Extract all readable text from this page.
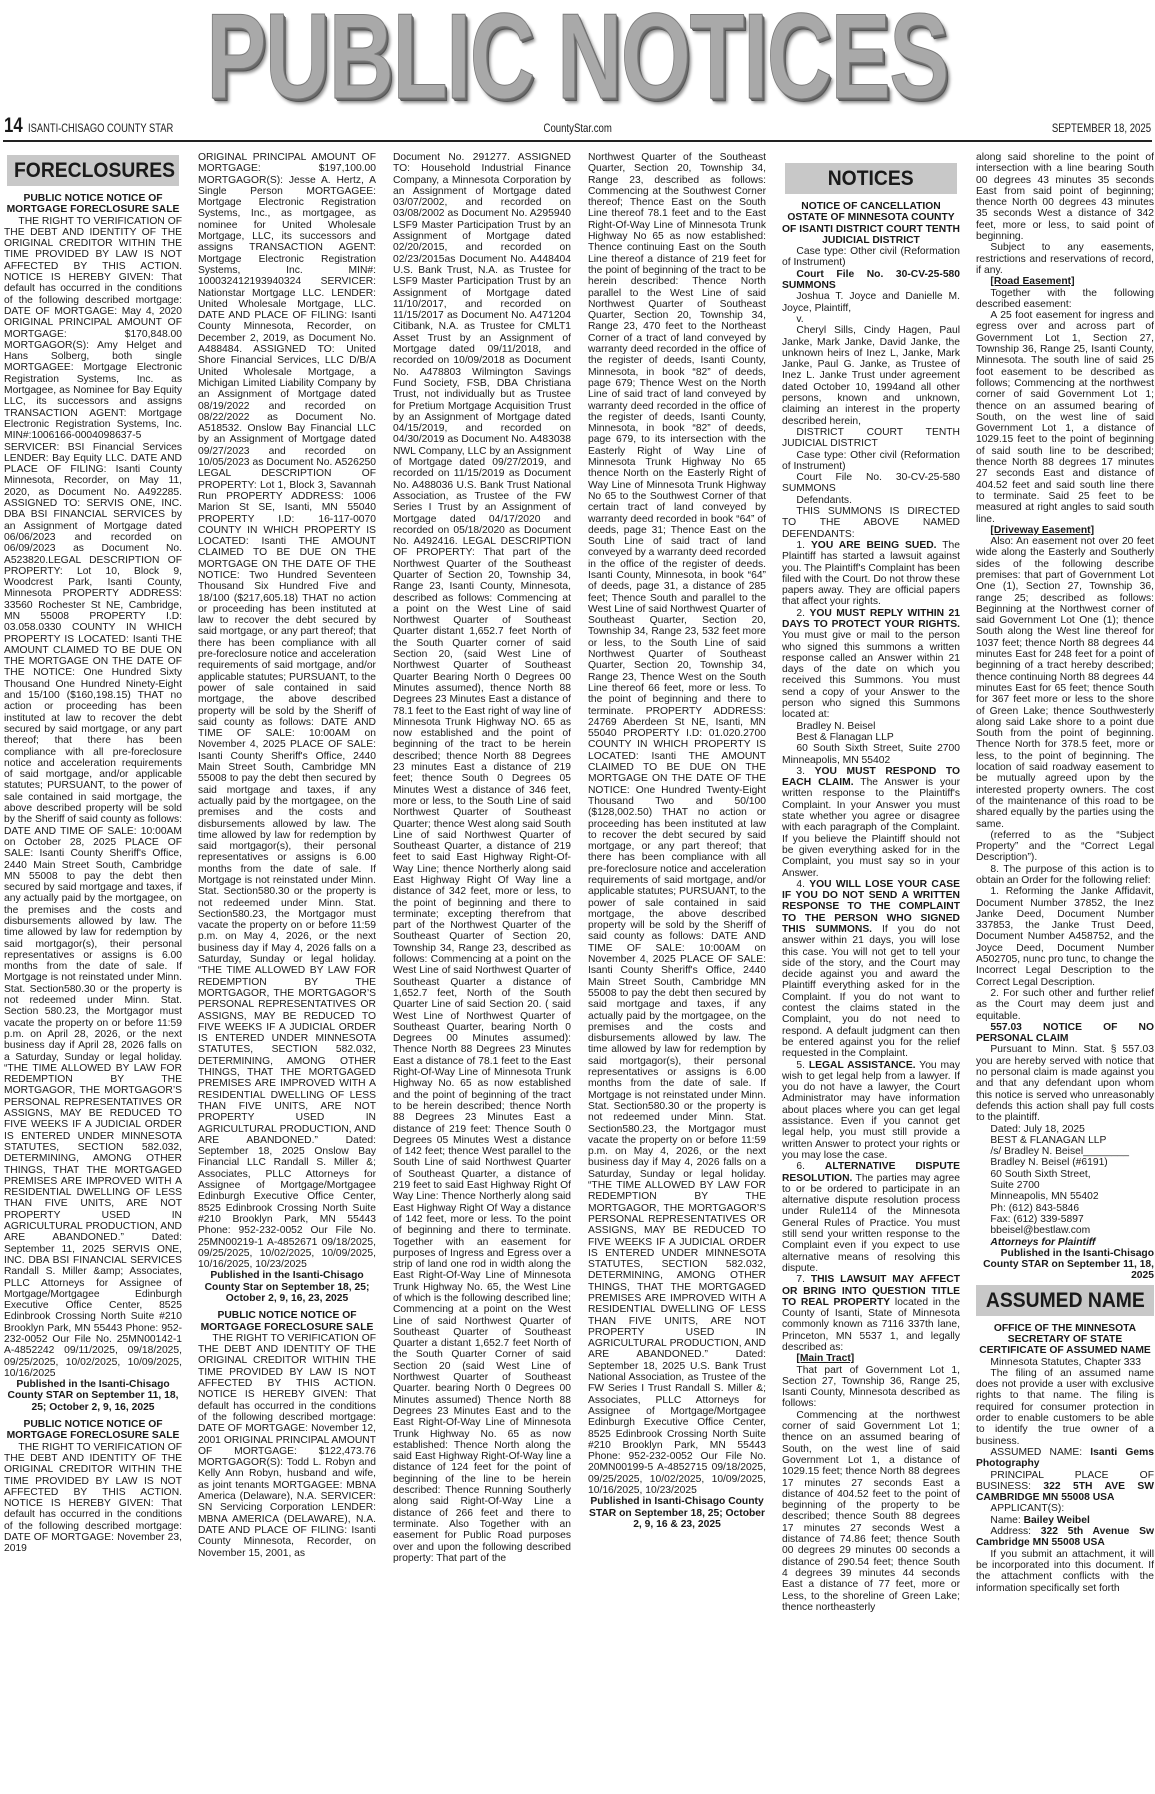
PUBLIC NOTICES
14 ISANTI-CHISAGO COUNTY STAR	CountyStar.com	SEPTEMBER 18, 2025
FORECLOSURES

PUBLIC NOTICE NOTICE OF MORTGAGE FORECLOSURE SALE

THE RIGHT TO VERIFICATION OF THE DEBT AND IDENTITY OF THE ORIGINAL CREDITOR WITHIN THE TIME PROVIDED BY LAW IS NOT AFFECTED BY THIS ACTION. NOTICE IS HEREBY GIVEN: That default has occurred in the conditions of the following described mortgage: DATE OF MORTGAGE: May 4, 2020 ORIGINAL PRINCIPAL AMOUNT OF MORTGAGE: $170,848.00 MORTGAGOR(S): Amy Helget and Hans Solberg, both single MORTGAGEE: Mortgage Electronic Registration Systems, Inc. as Mortgagee, as Nominee for Bay Equity LLC, its successors and assigns TRANSACTION AGENT: Mortgage Electronic Registration Systems, Inc. MIN#:1006166-0004098637-5 SERVICER: BSI Financial Services LENDER: Bay Equity LLC. DATE AND PLACE OF FILING: Isanti County Minnesota, Recorder, on May 11, 2020, as Document No. A492285. ASSIGNED TO: SERVIS ONE, INC. DBA BSI FINANCIAL SERVICES by an Assignment of Mortgage dated 06/06/2023 and recorded on 06/09/2023 as Document No. A523820.LEGAL DESCRIPTION OF PROPERTY: Lot 10, Block 9, Woodcrest Park, Isanti County, Minnesota PROPERTY ADDRESS: 33560 Rochester St NE, Cambridge, MN 55008 PROPERTY I.D: 03.058.0330 COUNTY IN WHICH PROPERTY IS LOCATED: Isanti THE AMOUNT CLAIMED TO BE DUE ON THE MORTGAGE ON THE DATE OF THE NOTICE: One Hundred Sixty Thousand One Hundred Ninety-Eight and 15/100 ($160,198.15) THAT no action or proceeding has been instituted at law to recover the debt secured by said mortgage, or any part thereof; that there has been compliance with all pre-foreclosure notice and acceleration requirements of said mortgage, and/or applicable statutes; PURSUANT, to the power of sale contained in said mortgage, the above described property will be sold by the Sheriff of said county as follows: DATE AND TIME OF SALE: 10:00AM on October 28, 2025 PLACE OF SALE: Isanti County Sheriff's Office, 2440 Main Street South, Cambridge MN 55008 to pay the debt then secured by said mortgage and taxes, if any actually paid by the mortgagee, on the premises and the costs and disbursements allowed by law. The time allowed by law for redemption by said mortgagor(s), their personal representatives or assigns is 6.00 months from the date of sale. If Mortgage is not reinstated under Minn. Stat. Section580.30 or the property is not redeemed under Minn. Stat. Section 580.23, the Mortgagor must vacate the property on or before 11:59 p.m. on April 28, 2026, or the next business day if April 28, 2026 falls on a Saturday, Sunday or legal holiday. “THE TIME ALLOWED BY LAW FOR REDEMPTION BY THE MORTGAGOR, THE MORTGAGOR’S PERSONAL REPRESENTATIVES OR ASSIGNS, MAY BE REDUCED TO FIVE WEEKS IF A JUDICIAL ORDER IS ENTERED UNDER MINNESOTA STATUTES, SECTION 582.032, DETERMINING, AMONG OTHER THINGS, THAT THE MORTGAGED PREMISES ARE IMPROVED WITH A RESIDENTIAL DWELLING OF LESS THAN FIVE UNITS, ARE NOT PROPERTY USED IN AGRICULTURAL PRODUCTION, AND ARE ABANDONED.” Dated: September 11, 2025 SERVIS ONE, INC. DBA BSI FINANCIAL SERVICES Randall S. Miller &amp; Associates, PLLC Attorneys for Assignee of Mortgage/Mortgagee Edinburgh Executive Office Center, 8525 Edinbrook Crossing North Suite #210 Brooklyn Park, MN 55443 Phone: 952-232-0052 Our File No. 25MN00142-1 A-4852242 09/11/2025, 09/18/2025, 09/25/2025, 10/02/2025, 10/09/2025, 10/16/2025

Published in the Isanti-Chisago County STAR on September 11, 18, 25; October 2, 9, 16, 2025

PUBLIC NOTICE NOTICE OF MORTGAGE FORECLOSURE SALE

THE RIGHT TO VERIFICATION OF THE DEBT AND IDENTITY OF THE ORIGINAL CREDITOR WITHIN THE TIME PROVIDED BY LAW IS NOT AFFECTED BY THIS ACTION. NOTICE IS HEREBY GIVEN: That default has occurred in the conditions of the following described mortgage: DATE OF MORTGAGE: November 23, 2019

ORIGINAL PRINCIPAL AMOUNT OF MORTGAGE: $197,100.00 MORTGAGOR(S): Jesse A. Hertz, A Single Person MORTGAGEE: Mortgage Electronic Registration Systems, Inc., as mortgagee, as nominee for United Wholesale Mortgage, LLC, its successors and assigns TRANSACTION AGENT: Mortgage Electronic Registration Systems, Inc. MIN#: 100032412193940324 SERVICER: Nationstar Mortgage LLC. LENDER: United Wholesale Mortgage, LLC. DATE AND PLACE OF FILING: Isanti County Minnesota, Recorder, on December 2, 2019, as Document No. A488484. ASSIGNED TO: United Shore Financial Services, LLC D/B/A United Wholesale Mortgage, a Michigan Limited Liability Company by an Assignment of Mortgage dated 08/19/2022 and recorded on 08/22/2022 as Document No. A518532. Onslow Bay Financial LLC by an Assignment of Mortgage dated 09/27/2023 and recorded on 10/05/2023 as Document No. A526250 LEGAL DESCRIPTION OF PROPERTY: Lot 1, Block 3, Savannah Run PROPERTY ADDRESS: 1006 Marion St SE, Isanti, MN 55040 PROPERTY I.D: 16-117-0070 COUNTY IN WHICH PROPERTY IS LOCATED: Isanti THE AMOUNT CLAIMED TO BE DUE ON THE MORTGAGE ON THE DATE OF THE NOTICE: Two Hundred Seventeen Thousand Six Hundred Five and 18/100 ($217,605.18) THAT no action or proceeding has been instituted at law to recover the debt secured by said mortgage, or any part thereof; that there has been compliance with all pre-foreclosure notice and acceleration requirements of said mortgage, and/or applicable statutes; PURSUANT, to the power of sale contained in said mortgage, the above described property will be sold by the Sheriff of said county as follows: DATE AND TIME OF SALE: 10:00AM on November 4, 2025 PLACE OF SALE: Isanti County Sheriff's Office, 2440 Main Street South, Cambridge MN 55008 to pay the debt then secured by said mortgage and taxes, if any actually paid by the mortgagee, on the premises and the costs and disbursements allowed by law. The time allowed by law for redemption by said mortgagor(s), their personal representatives or assigns is 6.00 months from the date of sale. If Mortgage is not reinstated under Minn. Stat. Section580.30 or the property is not redeemed under Minn. Stat. Section580.23, the Mortgagor must vacate the property on or before 11:59 p.m. on May 4, 2026, or the next business day if May 4, 2026 falls on a Saturday, Sunday or legal holiday. “THE TIME ALLOWED BY LAW FOR REDEMPTION BY THE MORTGAGOR, THE MORTGAGOR’S PERSONAL REPRESENTATIVES OR ASSIGNS, MAY BE REDUCED TO FIVE WEEKS IF A JUDICIAL ORDER IS ENTERED UNDER MINNESOTA STATUTES, SECTION 582.032, DETERMINING, AMONG OTHER THINGS, THAT THE MORTGAGED PREMISES ARE IMPROVED WITH A RESIDENTIAL DWELLING OF LESS THAN FIVE UNITS, ARE NOT PROPERTY USED IN AGRICULTURAL PRODUCTION, AND ARE ABANDONED.” Dated: September 18, 2025 Onslow Bay Financial LLC Randall S. Miller &; Associates, PLLC Attorneys for Assignee of Mortgage/Mortgagee Edinburgh Executive Office Center, 8525 Edinbrook Crossing North Suite #210 Brooklyn Park, MN 55443 Phone: 952-232-0052 Our File No. 25MN00219-1 A-4852671 09/18/2025, 09/25/2025, 10/02/2025, 10/09/2025, 10/16/2025, 10/23/2025

Published in the Isanti-Chisago County Star on September 18, 25; October 2, 9, 16, 23, 2025

PUBLIC NOTICE NOTICE OF MORTGAGE FORECLOSURE SALE

THE RIGHT TO VERIFICATION OF THE DEBT AND IDENTITY OF THE ORIGINAL CREDITOR WITHIN THE TIME PROVIDED BY LAW IS NOT AFFECTED BY THIS ACTION. NOTICE IS HEREBY GIVEN: That default has occurred in the conditions of the following described mortgage: DATE OF MORTGAGE: November 12, 2001 ORIGINAL PRINCIPAL AMOUNT OF MORTGAGE: $122,473.76 MORTGAGOR(S): Todd L. Robyn and Kelly Ann Robyn, husband and wife, as joint tenants MORTGAGEE: MBNA America (Delaware), N.A. SERVICER: SN Servicing Corporation LENDER: MBNA AMERICA (DELAWARE), N.A. DATE AND PLACE OF FILING: Isanti County Minnesota, Recorder, on November 15, 2001, as

Document No. 291277. ASSIGNED TO: Household Industrial Finance Company, a Minnesota Corporation by an Assignment of Mortgage dated 03/07/2002, and recorded on 03/08/2002 as Document No. A295940 LSF9 Master Participation Trust by an Assignment of Mortgage dated 02/20/2015, and recorded on 02/23/2015as Document No. A448404 U.S. Bank Trust, N.A. as Trustee for LSF9 Master Participation Trust by an Assignment of Mortgage dated 11/10/2017, and recorded on 11/15/2017 as Document No. A471204 Citibank, N.A. as Trustee for CMLT1 Asset Trust by an Assignment of Mortgage dated 09/11/2018, and recorded on 10/09/2018 as Document No. A478803 Wilmington Savings Fund Society, FSB, DBA Christiana Trust, not individually but as Trustee for Pretium Mortgage Acquisition Trust by an Assignment of Mortgage dated 04/15/2019, and recorded on 04/30/2019 as Document No. A483038 NWL Company, LLC by an Assignment of Mortgage dated 09/27/2019, and recorded on 11/15/2019 as Document No. A488036 U.S. Bank Trust National Association, as Trustee of the FW Series I Trust by an Assignment of Mortgage dated 04/17/2020 and recorded on 05/18/2020 as Document No. A492416. LEGAL DESCRIPTION OF PROPERTY: That part of the Northwest Quarter of the Southeast Quarter of Section 20, Township 34, Range 23, Isanti County, Minnesota, described as follows: Commencing at a point on the West Line of said Northwest Quarter of Southeast Quarter distant 1,652.7 feet North of the South Quarter corner of said Section 20, (said West Line of Northwest Quarter of Southeast Quarter Bearing North 0 Degrees 00 Minutes assumed), thence North 88 Degrees 23 Minutes East a distance of 78.1 feet to the East right of way line of Minnesota Trunk Highway NO. 65 as now established and the point of beginning of the tract to be herein described; thence North 88 Degrees 23 minutes East a distance of 219 feet; thence South 0 Degrees 05 Minutes West a distance of 346 feet, more or less, to the South Line of said Northwest Quarter of Southeast Quarter; thence West along said South Line of said Northwest Quarter of Southeast Quarter, a distance of 219 feet to said East Highway Right-Of-Way Line; thence Northerly along said East Highway Right Of Way line a distance of 342 feet, more or less, to the point of beginning and there to terminate; excepting therefrom that part of the Northwest Quarter of the Southeast Quarter of Section 20, Township 34, Range 23, described as follows: Commencing at a point on the West Line of said Northwest Quarter of Southeast Quarter a distance of 1,652.7 feet, North of the South Quarter Line of said Section 20. ( said West Line of Northwest Quarter of Southeast Quarter, bearing North 0 Degrees 00 Minutes assumed): Thence North 88 Degrees 23 Minutes East a distance of 78.1 feet to the East Right-Of-Way Line of Minnesota Trunk Highway No. 65 as now established and the point of beginning of the tract to be herein described; thence North 88 Degrees 23 Minutes East a distance of 219 feet: Thence South 0 Degrees 05 Minutes West a distance of 142 feet; thence West parallel to the South Line of said Northwest Quarter of Southeast Quarter, a distance of 219 feet to said East Highway Right Of Way Line: Thence Northerly along said East Highway Right Of Way a distance of 142 feet, more or less. To the point of beginning and there to terminate. Together with an easement for purposes of Ingress and Egress over a strip of land one rod in width along the East Right-Of-Way Line of Minnesota Trunk Highway No. 65, the West Line of which is the following described line; Commencing at a point on the West Line of said Northwest Quarter of Southeast Quarter of Southeast Quarter a distant 1,652.7 feet North of the South Quarter Corner of said Section 20 (said West Line of Northwest Quarter of Southeast Quarter. bearing North 0 Degrees 00 Minutes assumed) Thence North 88 Degrees 23 Minutes East and to the East Right-Of-Way Line of Minnesota Trunk Highway No. 65 as now established: Thence North along the said East Highway Right-Of-Way line a distance of 124 feet for the point of beginning of the line to be herein described: Thence Running Southerly along said Right-Of-Way Line a distance of 266 feet and there to terminate. Also Together with an easement for Public Road purposes over and upon the following described property: That part of the

Northwest Quarter of the Southeast Quarter, Section 20, Township 34, Range 23, described as follows: Commencing at the Southwest Corner thereof; Thence East on the South Line thereof 78.1 feet and to the East Right-Of-Way Line of Minnesota Trunk Highway No 65 as now established: Thence continuing East on the South Line thereof a distance of 219 feet for the point of beginning of the tract to be herein described: Thence North parallel to the West Line of said Northwest Quarter of Southeast Quarter, Section 20, Township 34, Range 23, 470 feet to the Northeast Corner of a tract of land conveyed by warranty deed recorded in the office of the register of deeds, Isanti County, Minnesota, in book “82” of deeds, page 679; Thence West on the North Line of said tract of land conveyed by warranty deed recorded in the office of the register of deeds, Isanti County, Minnesota, in book “82” of deeds, page 679, to its intersection with the Easterly Right of Way Line of Minnesota Trunk Highway No 65 thence North on the Easterly Right of Way Line of Minnesota Trunk Highway No 65 to the Southwest Corner of that certain tract of land conveyed by warranty deed recorded in book “64” of deeds, page 31; Thence East on the South Line of said tract of land conveyed by a warranty deed recorded in the office of the register of deeds. Isanti County, Minnesota, in book “64” of deeds, page 31, a distance of 285 feet; Thence South and parallel to the West Line of said Northwest Quarter of Southeast Quarter, Section 20, Township 34, Range 23, 532 feet more or less, to the South Line of said Northwest Quarter of Southeast Quarter, Section 20, Township 34, Range 23, Thence West on the South Line thereof 66 feet, more or less. To the point of beginning and there to terminate. PROPERTY ADDRESS: 24769 Aberdeen St NE, Isanti, MN 55040 PROPERTY I.D: 01.020.2700 COUNTY IN WHICH PROPERTY IS LOCATED: Isanti THE AMOUNT CLAIMED TO BE DUE ON THE MORTGAGE ON THE DATE OF THE NOTICE: One Hundred Twenty-Eight Thousand Two and 50/100 ($128,002.50) THAT no action or proceeding has been instituted at law to recover the debt secured by said mortgage, or any part thereof; that there has been compliance with all pre-foreclosure notice and acceleration requirements of said mortgage, and/or applicable statutes; PURSUANT, to the power of sale contained in said mortgage, the above described property will be sold by the Sheriff of said county as follows: DATE AND TIME OF SALE: 10:00AM on November 4, 2025 PLACE OF SALE: Isanti County Sheriff's Office, 2440 Main Street South, Cambridge MN 55008 to pay the debt then secured by said mortgage and taxes, if any actually paid by the mortgagee, on the premises and the costs and disbursements allowed by law. The time allowed by law for redemption by said mortgagor(s), their personal representatives or assigns is 6.00 months from the date of sale. If Mortgage is not reinstated under Minn. Stat. Section580.30 or the property is not redeemed under Minn. Stat. Section580.23, the Mortgagor must vacate the property on or before 11:59 p.m. on May 4, 2026, or the next business day if May 4, 2026 falls on a Saturday, Sunday or legal holiday. “THE TIME ALLOWED BY LAW FOR REDEMPTION BY THE MORTGAGOR, THE MORTGAGOR’S PERSONAL REPRESENTATIVES OR ASSIGNS, MAY BE REDUCED TO FIVE WEEKS IF A JUDICIAL ORDER IS ENTERED UNDER MINNESOTA STATUTES, SECTION 582.032, DETERMINING, AMONG OTHER THINGS, THAT THE MORTGAGED PREMISES ARE IMPROVED WITH A RESIDENTIAL DWELLING OF LESS THAN FIVE UNITS, ARE NOT PROPERTY USED IN AGRICULTURAL PRODUCTION, AND ARE ABANDONED.” Dated: September 18, 2025 U.S. Bank Trust National Association, as Trustee of the FW Series I Trust Randall S. Miller &; Associates, PLLC Attorneys for Assignee of Mortgage/Mortgagee Edinburgh Executive Office Center, 8525 Edinbrook Crossing North Suite #210 Brooklyn Park, MN 55443 Phone: 952-232-0052 Our File No. 20MN00199-5 A-4852715 09/18/2025, 09/25/2025, 10/02/2025, 10/09/2025, 10/16/2025, 10/23/2025

Published in Isanti-Chisago County STAR on September 18, 25; October 2, 9, 16 & 23, 2025

NOTICES

NOTICE OF CANCELLATION OSTATE OF MINNESOTA COUNTY OF ISANTI DISTRICT COURT TENTH JUDICIAL DISTRICT

Case type: Other civil (Reformation of Instrument)

Court File No. 30-CV-25-580 SUMMONS

Joshua T. Joyce and Danielle M. Joyce, Plaintiff,

v.

Cheryl Sills, Cindy Hagen, Paul Janke, Mark Janke, David Janke, the unknown heirs of Inez L, Janke, Mark Janke, Paul G. Janke, as Trustee of Inez L. Janke Trust under agreement dated October 10, 1994and all other persons, known and unknown, claiming an interest in the property described herein,

DISTRICT COURT TENTH JUDICIAL DISTRICT

Case type: Other civil (Reformation of Instrument)

Court File No. 30-CV-25-580 SUMMONS

Defendants.

THIS SUMMONS IS DIRECTED TO THE ABOVE NAMED DEFENDANTS:

1. YOU ARE BEING SUED. The Plaintiff has started a lawsuit against you. The Plaintiff's Complaint has been filed with the Court. Do not throw these papers away. They are official papers that affect your rights.

2. YOU MUST REPLY WITHIN 21 DAYS TO PROTECT YOUR RIGHTS. You must give or mail to the person who signed this summons a written response called an Answer within 21 days of the date on which you received this Summons. You must send a copy of your Answer to the person who signed this Summons located at:

Bradley N. Beisel

Best & Flanagan LLP

60 South Sixth Street, Suite 2700 Minneapolis, MN 55402

3. YOU MUST RESPOND TO EACH CLAIM. The Answer is your written response to the Plaintiff's Complaint. In your Answer you must state whether you agree or disagree with each paragraph of the Complaint. If you believe the Plaintiff should not be given everything asked for in the Complaint, you must say so in your Answer.

4. YOU WILL LOSE YOUR CASE IF YOU DO NOT SEND A WRITTEN RESPONSE TO THE COMPLAINT TO THE PERSON WHO SIGNED THIS SUMMONS. If you do not answer within 21 days, you will lose this case. You will not get to tell your side of the story, and the Court may decide against you and award the Plaintiff everything asked for in the Complaint. If you do not want to contest the claims stated in the Complaint, you do not need to respond. A default judgment can then be entered against you for the relief requested in the Complaint.

5. LEGAL ASSISTANCE. You may wish to get legal help from a lawyer. If you do not have a lawyer, the Court Administrator may have information about places where you can get legal assistance. Even if you cannot get legal help, you must still provide a written Answer to protect your rights or you may lose the case.

6. ALTERNATIVE DISPUTE RESOLUTION. The parties may agree to or be ordered to participate in an alternative dispute resolution process under Rule114 of the Minnesota General Rules of Practice. You must still send your written response to the Complaint even if you expect to use alternative means of resolving this dispute.

7. THIS LAWSUIT MAY AFFECT OR BRING INTO QUESTION TITLE TO REAL PROPERTY located in the County of Isanti, State of Minnesota commonly known as 7116 337th lane, Princeton, MN 5537 1, and legally described as:

[Main Tract]

That part of Government Lot 1, Section 27, Township 36, Range 25, Isanti County, Minnesota described as follows:

Commencing at the northwest corner of said Government Lot 1; thence on an assumed bearing of South, on the west line of said Government Lot 1, a distance of 1029.15 feet; thence North 88 degrees 17 minutes 27 seconds East a distance of 404.52 feet to the point of beginning of the property to be described; thence South 88 degrees 17 minutes 27 seconds West a distance of 74.86 feet; thence South 00 degrees 29 minutes 00 seconds a distance of 290.54 feet; thence South 4 degrees 39 minutes 44 seconds East a distance of 77 feet, more or Less, to the shoreline of Green Lake; thence northeasterly

along said shoreline to the point of intersection with a line bearing South 00 degrees 43 minutes 35 seconds East from said point of beginning; thence North 00 degrees 43 minutes 35 seconds West a distance of 342 feet, more or less, to said point of beginning.

Subject to any easements, restrictions and reservations of record, if any.

[Road Easement]

Together with the following described easement:

A 25 foot easement for ingress and egress over and across part of Government Lot 1, Section 27, Township 36, Range 25, Isanti County, Minnesota. The south line of said 25 foot easement to be described as follows; Commencing at the northwest corner of said Government Lot 1; thence on an assumed bearing of South, on the west line of said Government Lot 1, a distance of 1029.15 feet to the point of beginning of said south line to be described; thence North 88 degrees 17 minutes 27 seconds East and distance of 404.52 feet and said south line there to terminate. Said 25 feet to be measured at right angles to said south line.

[Driveway Easement]

Also: An easement not over 20 feet wide along the Easterly and Southerly sides of the following describe premises: that part of Government Lot One (1), Section 27, Township 36, range 25; described as follows: Beginning at the Northwest corner of said Government Lot One (1); thence South along the West line thereof for 1037 feet; thence North 88 degrees 44 minutes East for 248 feet for a point of beginning of a tract hereby described; thence continuing North 88 degrees 44 minutes East for 65 feet; thence South for 367 feet more or less to the shore of Green Lake; thence Southwesterly along said Lake shore to a point due South from the point of beginning. Thence North for 378.5 feet, more or less, to the point of beginning. The location of said roadway easement to be mutually agreed upon by the interested property owners. The cost of the maintenance of this road to be shared equally by the parties using the same.

(referred to as the “Subject Property” and the “Correct Legal Description”).

8. The purpose of this action is to obtain an Order for the following relief:

1. Reforming the Janke Affidavit, Document Number 37852, the Inez Janke Deed, Document Number 337853, the Janke Trust Deed, Document Number A458752, and the Joyce Deed, Document Number A502705, nunc pro tunc, to change the Incorrect Legal Description to the Correct Legal Description.

2. For such other and further relief as the Court may deem just and equitable.

557.03 NOTICE OF NO PERSONAL CLAIM

Pursuant to Minn. Stat. § 557.03 you are hereby served with notice that no personal claim is made against you and that any defendant upon whom this notice is served who unreasonably defends this action shall pay full costs to the plaintiff.

Dated: July 18, 2025

BEST & FLANAGAN LLP

/s/ Bradley N. Beisel________

Bradley N. Beisel (#6191)

60 South Sixth Street,

Suite 2700

Minneapolis, MN 55402

Ph: (612) 843-5846

Fax: (612) 339-5897

bbeisel@bestlaw.com

Attorneys for Plaintiff

Published in the Isanti-Chisago County STAR on September 11, 18, 2025

ASSUMED NAME

OFFICE OF THE MINNESOTA SECRETARY OF STATE CERTIFICATE OF ASSUMED NAME

Minnesota Statutes, Chapter 333

The filing of an assumed name does not provide a user with exclusive rights to that name. The filing is required for consumer protection in order to enable customers to be able to identify the true owner of a business.

ASSUMED NAME: Isanti Gems Photography

PRINCIPAL PLACE OF BUSINESS: 322 5TH AVE SW CAMBRIDGE MN 55008 USA

APPLICANT(S):

Name: Bailey Weibel

Address: 322 5th Avenue Sw Cambridge MN 55008 USA

If you submit an attachment, it will be incorporated into this document. If the attachment conflicts with the information specifically set forth
